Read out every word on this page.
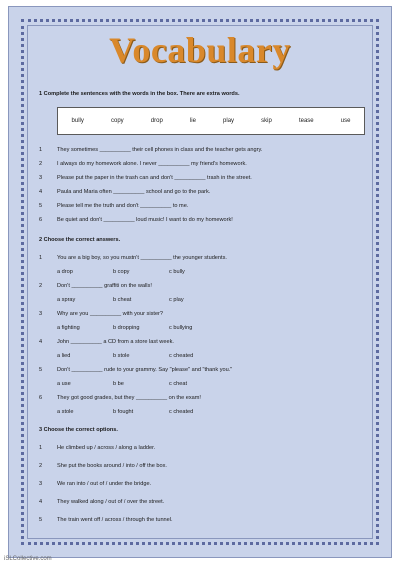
Vocabulary
1 Complete the sentences with the words in the box. There are extra words.
bully	copy	drop	lie	play	skip	tease	use
1	They sometimes __________ their cell phones in class and the teacher gets angry.
2	I always do my homework alone. I never __________ my friend's homework.
3	Please put the paper in the trash can and don't __________ trash in the street.
4	Paula and Maria often __________ school and go to the park.
5	Please tell me the truth and don't __________ to me.
6	Be quiet and don't __________ loud music! I want to do my homework!
2 Choose the correct answers.
1	You are a big boy, so you mustn't __________ the younger students.
a drop	b copy	c bully
2	Don't __________ graffiti on the walls!
a spray	b cheat	c play
3	Why are you __________ with your sister?
a fighting	b dropping	c bullying
4	John __________ a CD from a store last week.
a lied	b stole	c cheated
5	Don't __________ rude to your grammy. Say "please" and "thank you."
a use	b be	c cheat
6	They got good grades, but they __________ on the exam!
a stole	b fought	c cheated
3 Choose the correct options.
1	He climbed up / across / along a ladder.
2	She put the books around / into / off the box.
3	We ran into / out of / under the bridge.
4	They walked along / out of / over the street.
5	The train went off / across / through the tunnel.
iSLCollective.com
